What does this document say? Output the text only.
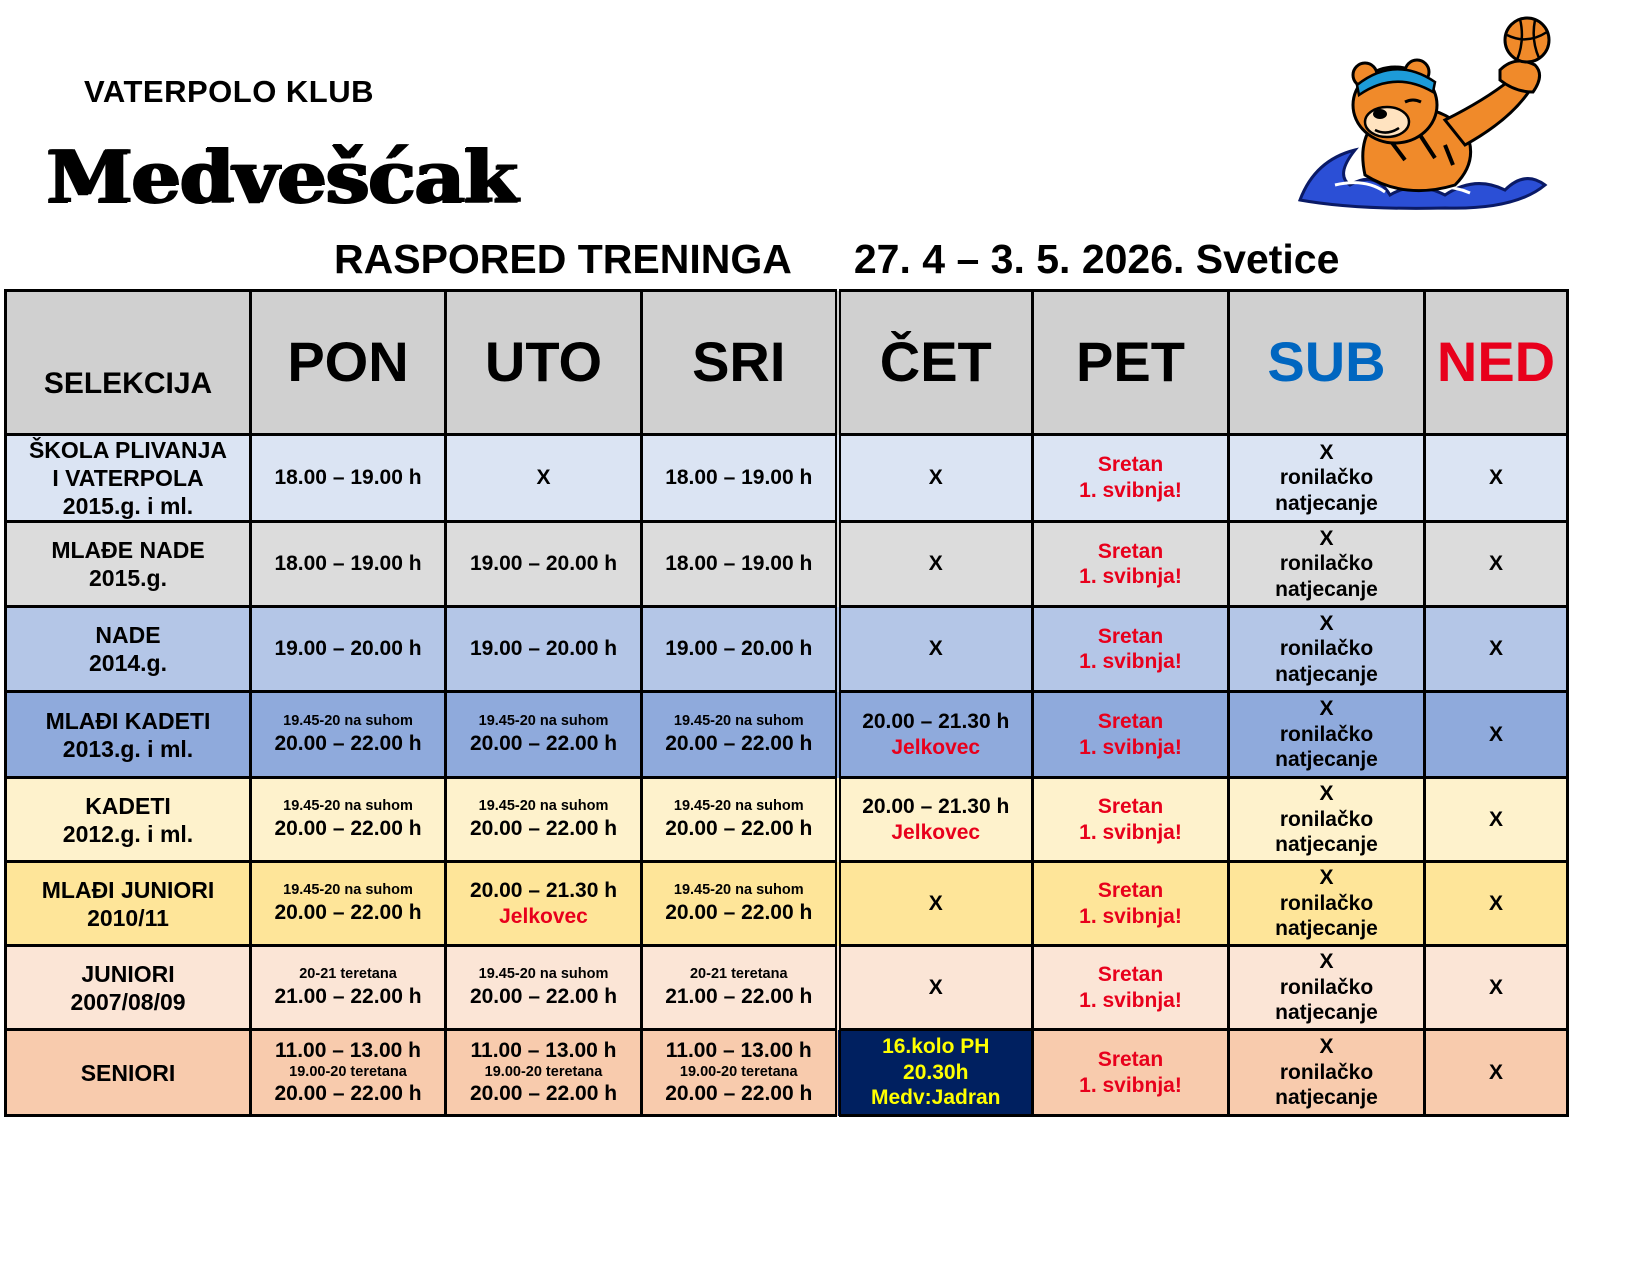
VATERPOLO KLUB
Medvešćak
RASPORED TRENINGA 27. 4 – 3. 5. 2026. Svetice
SELEKCIJA	PON	UTO	SRI	ČET	PET	SUB	NED

ŠKOLA PLIVANJA
I VATERPOLA
2015.g. i ml.	18.00 – 19.00 h	X	18.00 – 19.00 h	X	Sretan
1. svibnja!	X
ronilačko
natjecanje	X

MLAĐE NADE
2015.g.	18.00 – 19.00 h	19.00 – 20.00 h	18.00 – 19.00 h	X	Sretan
1. svibnja!	X
ronilačko
natjecanje	X

NADE
2014.g.	19.00 – 20.00 h	19.00 – 20.00 h	19.00 – 20.00 h	X	Sretan
1. svibnja!	X
ronilačko
natjecanje	X

MLAĐI KADETI
2013.g. i ml.	19.45-20 na suhom
20.00 – 22.00 h	19.45-20 na suhom
20.00 – 22.00 h	19.45-20 na suhom
20.00 – 22.00 h	20.00 – 21.30 h
Jelkovec	Sretan
1. svibnja!	X
ronilačko
natjecanje	X

KADETI
2012.g. i ml.	19.45-20 na suhom
20.00 – 22.00 h	19.45-20 na suhom
20.00 – 22.00 h	19.45-20 na suhom
20.00 – 22.00 h	20.00 – 21.30 h
Jelkovec	Sretan
1. svibnja!	X
ronilačko
natjecanje	X

MLAĐI JUNIORI
2010/11	19.45-20 na suhom
20.00 – 22.00 h	20.00 – 21.30 h
Jelkovec	19.45-20 na suhom
20.00 – 22.00 h	X	Sretan
1. svibnja!	X
ronilačko
natjecanje	X

JUNIORI
2007/08/09	20-21 teretana
21.00 – 22.00 h	19.45-20 na suhom
20.00 – 22.00 h	20-21 teretana
21.00 – 22.00 h	X	Sretan
1. svibnja!	X
ronilačko
natjecanje	X

SENIORI	11.00 – 13.00 h
19.00-20 teretana
20.00 – 22.00 h	11.00 – 13.00 h
19.00-20 teretana
20.00 – 22.00 h	11.00 – 13.00 h
19.00-20 teretana
20.00 – 22.00 h	16.kolo PH
20.30h
Medv:Jadran	Sretan
1. svibnja!	X
ronilačko
natjecanje	X
